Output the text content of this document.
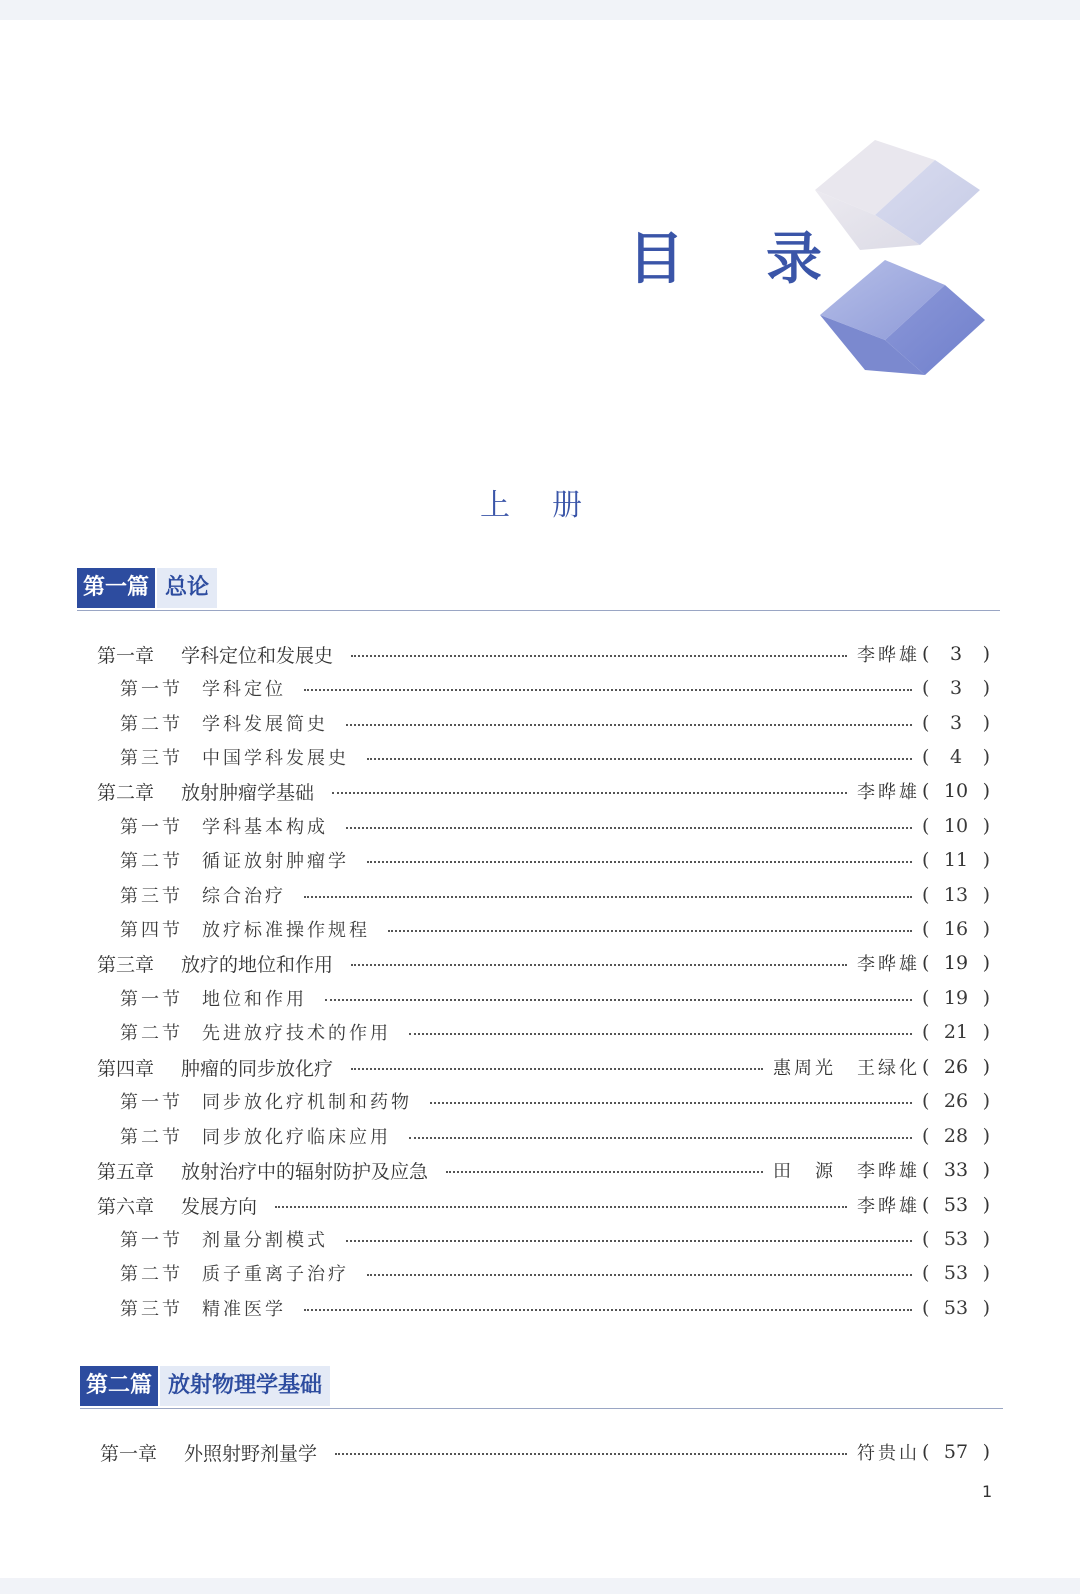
目 录
上 册
第一篇 总论
第二篇 放射物理学基础
第一章	学科定位和发展史	李晔雄 (	3	)
第一节	学科定位	(	3	)
第二节	学科发展简史	(	3	)
第三节	中国学科发展史	(	4	)
第二章	放射肿瘤学基础	李晔雄 ( 10 )
第一节	学科基本构成	( 10 )
第二节	循证放射肿瘤学	( 11 )
第三节	综合治疗	( 13 )
第四节	放疗标准操作规程	( 16 )
第三章	放疗的地位和作用	李晔雄 ( 19 )
第一节	地位和作用	( 19 )
第二节	先进放疗技术的作用	( 21 )
第四章	肿瘤的同步放化疗	惠周光　王绿化 ( 26 )
第一节	同步放化疗机制和药物	( 26 )
第二节	同步放化疗临床应用	( 28 )
第五章	放射治疗中的辐射防护及应急	田　源　李晔雄 ( 33 )
第六章	发展方向	李晔雄 ( 53 )
第一节	剂量分割模式	( 53 )
第二节	质子重离子治疗	( 53 )
第三节	精准医学	( 53 )
第一章	外照射野剂量学	符贵山 ( 57 )
1
